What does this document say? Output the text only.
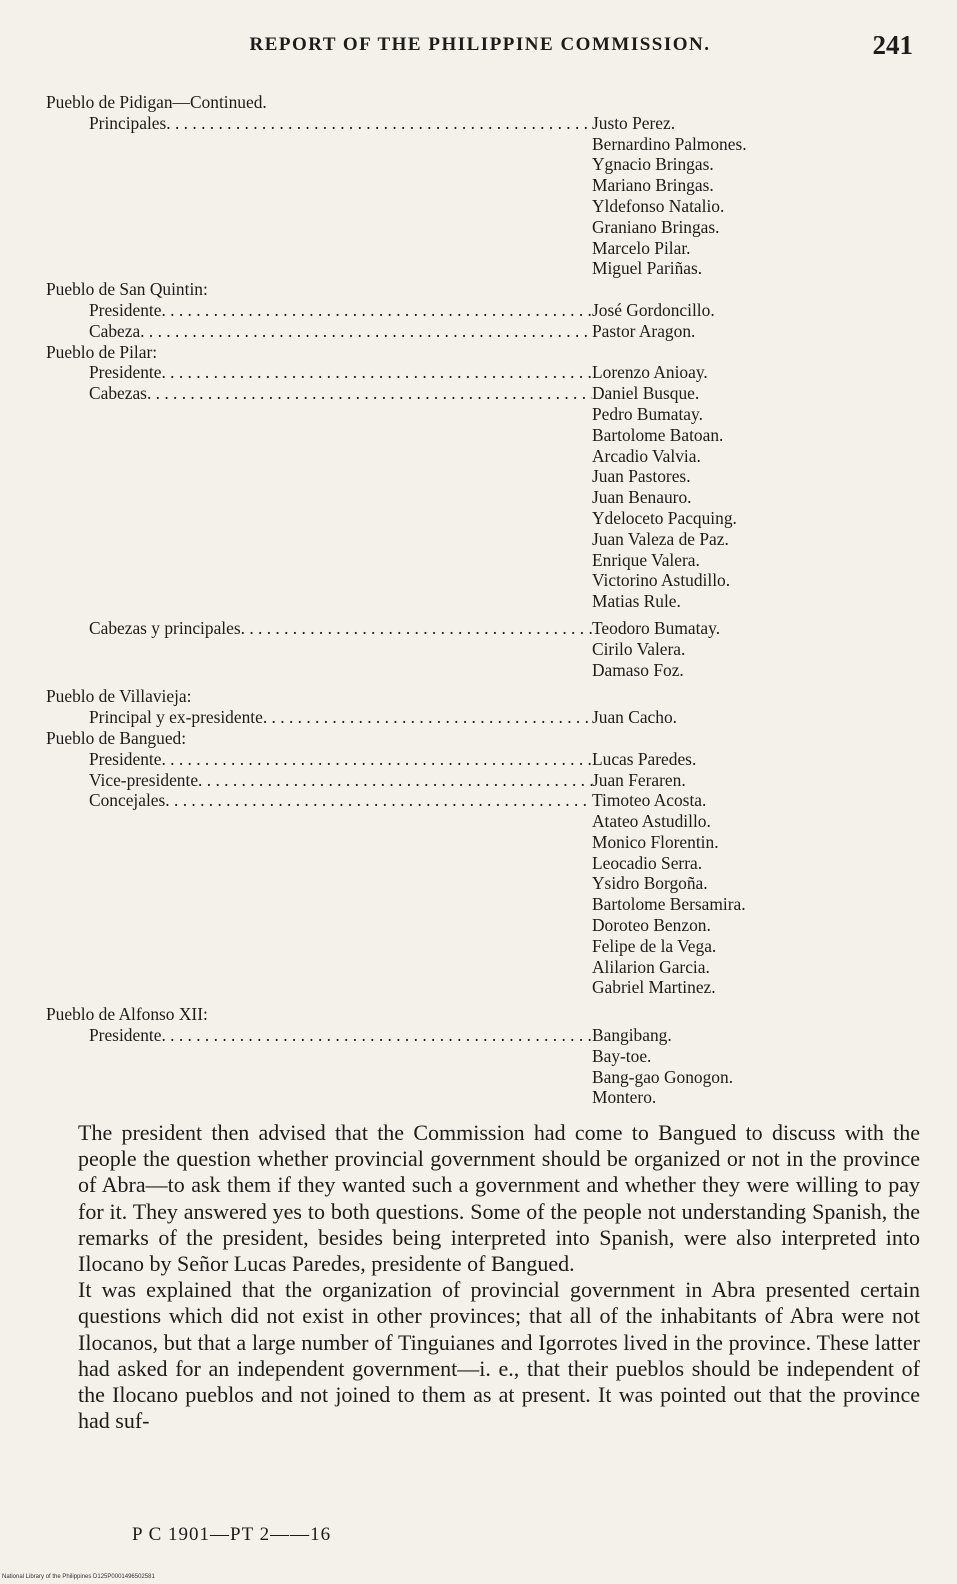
REPORT OF THE PHILIPPINE COMMISSION.	241
Pueblo de Pidigan—Continued.
Principales . . .	Justo Perez.
Bernardino Palmones.
Ygnacio Bringas.
Mariano Bringas.
Yldefonso Natalio.
Graniano Bringas.
Marcelo Pilar.
Miguel Pariñas.
Pueblo de San Quintin:
Presidente . . .	José Gordoncillo.
Cabeza . . .	Pastor Aragon.
Pueblo de Pilar:
Presidente . . .	Lorenzo Anioay.
Cabezas . . .	Daniel Busque.
Pedro Bumatay.
Bartolome Batoan.
Arcadio Valvia.
Juan Pastores.
Juan Benauro.
Ydeloceto Pacquing.
Juan Valeza de Paz.
Enrique Valera.
Victorino Astudillo.
Matias Rule.
Cabezas y principales . . .	Teodoro Bumatay.
Cirilo Valera.
Damaso Foz.
Pueblo de Villavieja:
Principal y ex-presidente . . .	Juan Cacho.
Pueblo de Bangued:
Presidente . . .	Lucas Paredes.
Vice-presidente . . .	Juan Feraren.
Concejales . . .	Timoteo Acosta.
Atateo Astudillo.
Monico Florentin.
Leocadio Serra.
Ysidro Borgoña.
Bartolome Bersamira.
Doroteo Benzon.
Felipe de la Vega.
Alilarion Garcia.
Gabriel Martinez.
Pueblo de Alfonso XII:
Presidente . . .	Bangibang.
Bay-toe.
Bang-gao Gonogon.
Montero.

The president then advised that the Commission had come to Bangued to discuss with the people the question whether provincial government should be organized or not in the province of Abra—to ask them if they wanted such a government and whether they were willing to pay for it. They answered yes to both questions. Some of the people not understanding Spanish, the remarks of the president, besides being interpreted into Spanish, were also interpreted into Ilocano by Señor Lucas Paredes, presidente of Bangued.

It was explained that the organization of provincial government in Abra presented certain questions which did not exist in other provinces; that all of the inhabitants of Abra were not Ilocanos, but that a large number of Tinguianes and Igorrotes lived in the province. These latter had asked for an independent government—i. e., that their pueblos should be independent of the Ilocano pueblos and not joined to them as at present. It was pointed out that the province had suf-

P C 1901—PT 2——16
National Library of the Philippines D125P0001496502581
